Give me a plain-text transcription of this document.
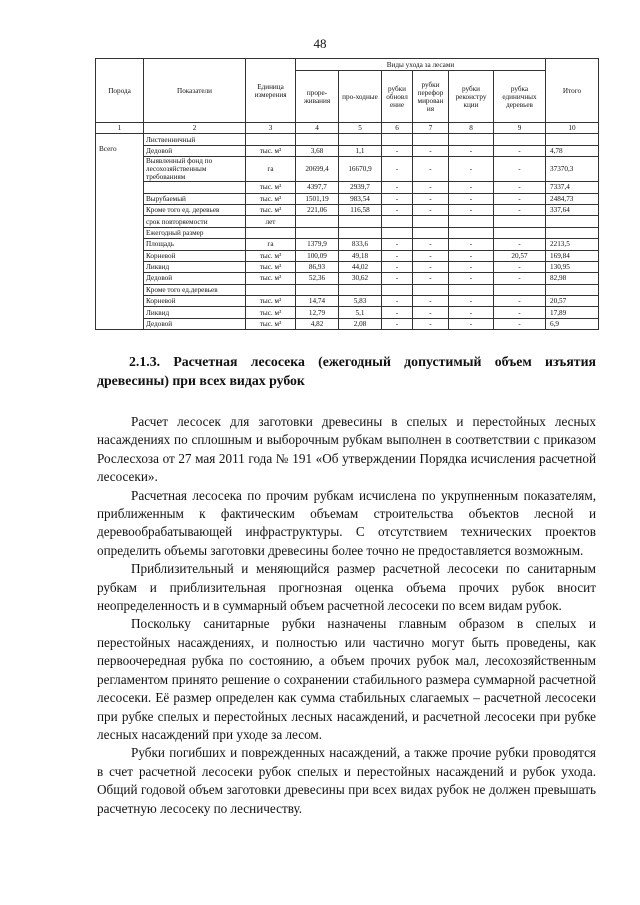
48
Порода	Показатели	Единица измерения	Виды ухода за лесами						Итого
			прорe-живания	про-ходные	рубки обновл ение	рубки перефор мирован ия	рубки реконстру кции	рубка единичных деревьев	
1	2	3	4	5	6	7	8	9	10

Всего	Лиственничный								
	Дедовой	тыс. м³	3,68	1,1	-	-	-	-	4,78
	Выявленный фонд по лесохозяйственным требованиям	га	20699,4	16670,9	-	-	-	-	37370,3
		тыс. м³	4397,7	2939,7	-	-	-	-	7337,4
	Вырубаемый	тыс. м³	1501,19	983,54	-	-	-	-	2484,73
	Кроме того ед. деревьев	тыс. м³	221,06	116,58	-	-	-	-	337,64
	срок повторяемости	лет							
	Ежегодный размер								
	Площадь	га	1379,9	833,6	-	-	-	-	2213,5
	Корневой	тыс. м³	100,09	49,18	-	-	-	20,57	169,84
	Ликвид	тыс. м³	86,93	44,02	-	-	-	-	130,95
	Дедовой	тыс. м³	52,36	30,62	-	-	-	-	82,98
	Кроме того ед.деревьев								
	Корневой	тыс. м³	14,74	5,83	-	-	-	-	20,57
	Ликвид	тыс. м³	12,79	5,1	-	-	-	-	17,89
	Дедовой	тыс. м³	4,82	2,08	-	-	-	-	6,9
2.1.3. Расчетная лесосека (ежегодный допустимый объем изъятия древесины) при всех видах рубок

Расчет лесосек для заготовки древесины в спелых и перестойных лесных насаждениях по сплошным и выборочным рубкам выполнен в соответствии с приказом Рослесхоза от 27 мая 2011 года № 191 «Об утверждении Порядка исчисления расчетной лесосеки».

Расчетная лесосека по прочим рубкам исчислена по укрупненным показателям, приближенным к фактическим объемам строительства объектов лесной и деревообрабатывающей инфраструктуры. С отсутствием технических проектов определить объемы заготовки древесины более точно не предоставляется возможным.

Приблизительный и меняющийся размер расчетной лесосеки по санитарным рубкам и приблизительная прогнозная оценка объема прочих рубок вносит неопределенность и в суммарный объем расчетной лесосеки по всем видам рубок.

Поскольку санитарные рубки назначены главным образом в спелых и перестойных насаждениях, и полностью или частично могут быть проведены, как первоочередная рубка по состоянию, а объем прочих рубок мал, лесохозяйственным регламентом принято решение о сохранении стабильного размера суммарной расчетной лесосеки. Её размер определен как сумма стабильных слагаемых – расчетной лесосеки при рубке спелых и перестойных лесных насаждений, и расчетной лесосеки при рубке лесных насаждений при уходе за лесом.

Рубки погибших и поврежденных насаждений, а также прочие рубки проводятся в счет расчетной лесосеки рубок спелых и перестойных насаждений и рубок ухода. Общий годовой объем заготовки древесины при всех видах рубок не должен превышать расчетную лесосеку по лесничеству.
